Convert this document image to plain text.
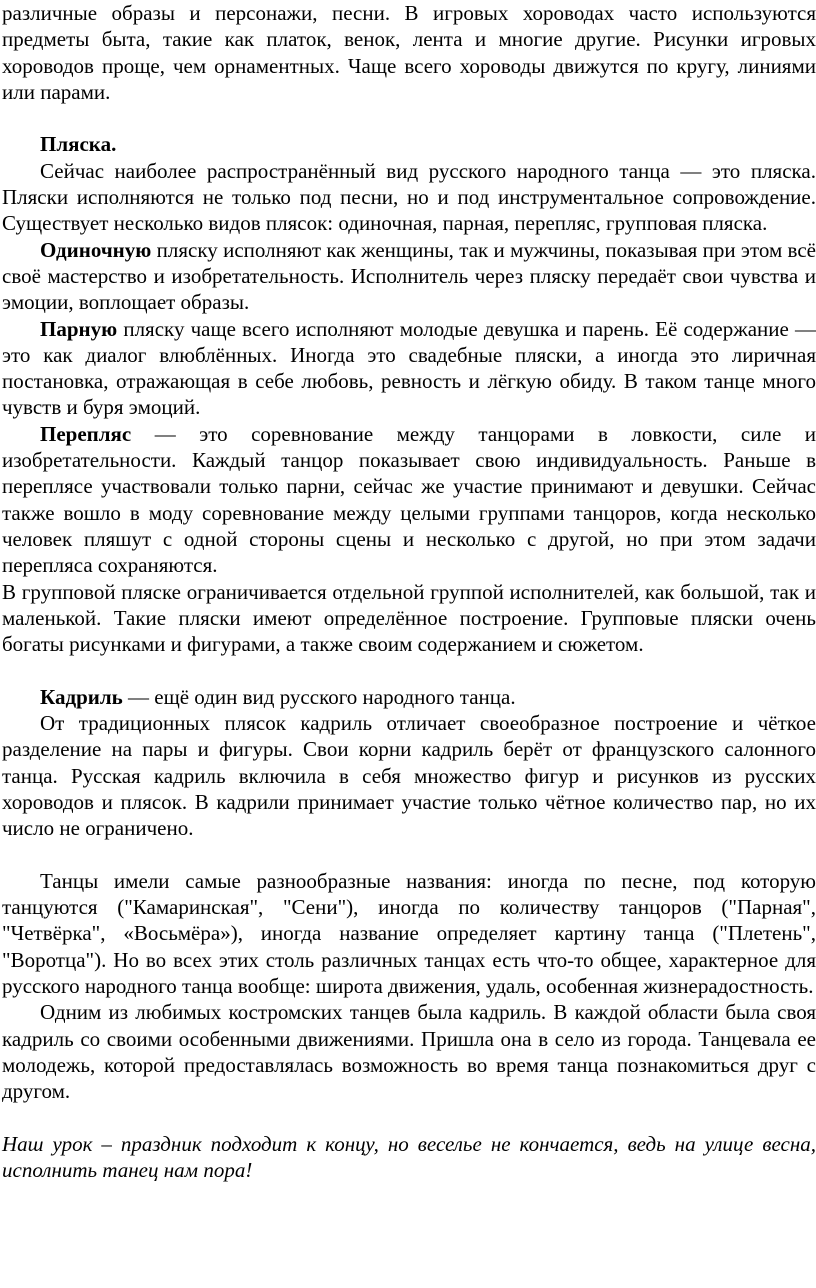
различные образы и персонажи, песни. В игровых хороводах часто используются предметы быта, такие как платок, венок, лента и многие другие. Рисунки игровых хороводов проще, чем орнаментных. Чаще всего хороводы движутся по кругу, линиями или парами.

Пляска.

Сейчас наиболее распространённый вид русского народного танца — это пляска. Пляски исполняются не только под песни, но и под инструментальное сопровождение. Существует несколько видов плясок: одиночная, парная, перепляс, групповая пляска.

Одиночную пляску исполняют как женщины, так и мужчины, показывая при этом всё своё мастерство и изобретательность. Исполнитель через пляску передаёт свои чувства и эмоции, воплощает образы.

Парную пляску чаще всего исполняют молодые девушка и парень. Её содержание — это как диалог влюблённых. Иногда это свадебные пляски, а иногда это лиричная постановка, отражающая в себе любовь, ревность и лёгкую обиду. В таком танце много чувств и буря эмоций.

Перепляс — это соревнование между танцорами в ловкости, силе и изобретательности. Каждый танцор показывает свою индивидуальность. Раньше в переплясе участвовали только парни, сейчас же участие принимают и девушки. Сейчас также вошло в моду соревнование между целыми группами танцоров, когда несколько человек пляшут с одной стороны сцены и несколько с другой, но при этом задачи перепляса сохраняются.

В групповой пляске ограничивается отдельной группой исполнителей, как большой, так и маленькой. Такие пляски имеют определённое построение. Групповые пляски очень богаты рисунками и фигурами, а также своим содержанием и сюжетом.

Кадриль — ещё один вид русского народного танца.

От традиционных плясок кадриль отличает своеобразное построение и чёткое разделение на пары и фигуры. Свои корни кадриль берёт от французского салонного танца. Русская кадриль включила в себя множество фигур и рисунков из русских хороводов и плясок. В кадрили принимает участие только чётное количество пар, но их число не ограничено.

Танцы имели самые разнообразные названия: иногда по песне, под которую танцуются ("Камаринская", "Сени"), иногда по количеству танцоров ("Парная", "Четвёрка", «Восьмёра»), иногда название определяет картину танца ("Плетень", "Воротца"). Но во всех этих столь различных танцах есть что-то общее, характерное для русского народного танца вообще: широта движения, удаль, особенная жизнерадостность.

Одним из любимых костромских танцев была кадриль. В каждой области была своя кадриль со своими особенными движениями. Пришла она в село из города. Танцевала ее молодежь, которой предоставлялась возможность во время танца познакомиться друг с другом.

Наш урок – праздник подходит к концу, но веселье не кончается, ведь на улице весна, исполнить танец нам пора!
